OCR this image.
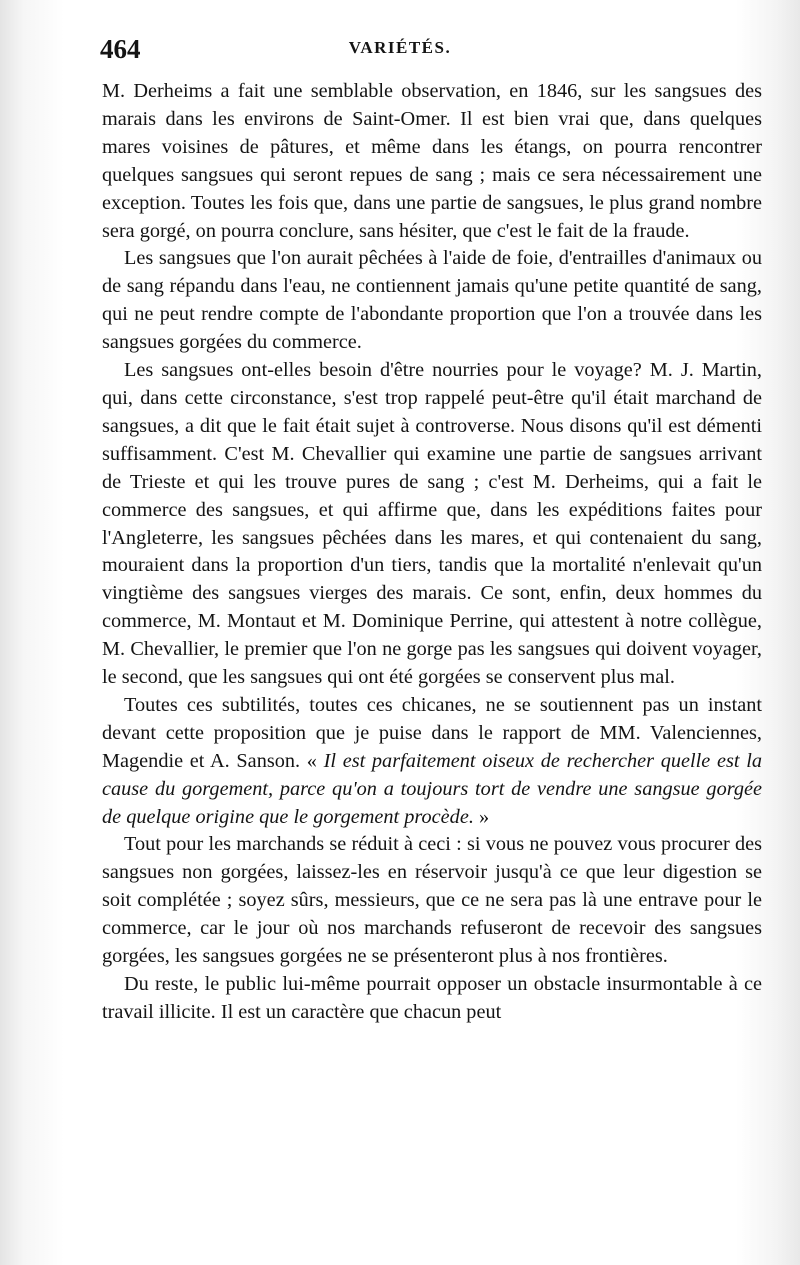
464	VARIÉTÉS.

M. Derheims a fait une semblable observation, en 1846, sur les sangsues des marais dans les environs de Saint-Omer. Il est bien vrai que, dans quelques mares voisines de pâtures, et même dans les étangs, on pourra rencontrer quelques sangsues qui seront repues de sang ; mais ce sera nécessairement une exception. Toutes les fois que, dans une partie de sangsues, le plus grand nombre sera gorgé, on pourra conclure, sans hésiter, que c'est le fait de la fraude.

Les sangsues que l'on aurait pêchées à l'aide de foie, d'entrailles d'animaux ou de sang répandu dans l'eau, ne contiennent jamais qu'une petite quantité de sang, qui ne peut rendre compte de l'abondante proportion que l'on a trouvée dans les sangsues gorgées du commerce.

Les sangsues ont-elles besoin d'être nourries pour le voyage? M. J. Martin, qui, dans cette circonstance, s'est trop rappelé peut-être qu'il était marchand de sangsues, a dit que le fait était sujet à controverse. Nous disons qu'il est démenti suffisamment. C'est M. Chevallier qui examine une partie de sangsues arrivant de Trieste et qui les trouve pures de sang ; c'est M. Derheims, qui a fait le commerce des sangsues, et qui affirme que, dans les expéditions faites pour l'Angleterre, les sangsues pêchées dans les mares, et qui contenaient du sang, mouraient dans la proportion d'un tiers, tandis que la mortalité n'enlevait qu'un vingtième des sangsues vierges des marais. Ce sont, enfin, deux hommes du commerce, M. Montaut et M. Dominique Perrine, qui attestent à notre collègue, M. Chevallier, le premier que l'on ne gorge pas les sangsues qui doivent voyager, le second, que les sangsues qui ont été gorgées se conservent plus mal.

Toutes ces subtilités, toutes ces chicanes, ne se soutiennent pas un instant devant cette proposition que je puise dans le rapport de MM. Valenciennes, Magendie et A. Sanson. « Il est parfaitement oiseux de rechercher quelle est la cause du gorgement, parce qu'on a toujours tort de vendre une sangsue gorgée de quelque origine que le gorgement procède. »

Tout pour les marchands se réduit à ceci : si vous ne pouvez vous procurer des sangsues non gorgées, laissez-les en réservoir jusqu'à ce que leur digestion se soit complétée ; soyez sûrs, messieurs, que ce ne sera pas là une entrave pour le commerce, car le jour où nos marchands refuseront de recevoir des sangsues gorgées, les sangsues gorgées ne se présenteront plus à nos frontières.

Du reste, le public lui-même pourrait opposer un obstacle insurmontable à ce travail illicite. Il est un caractère que chacun peut
